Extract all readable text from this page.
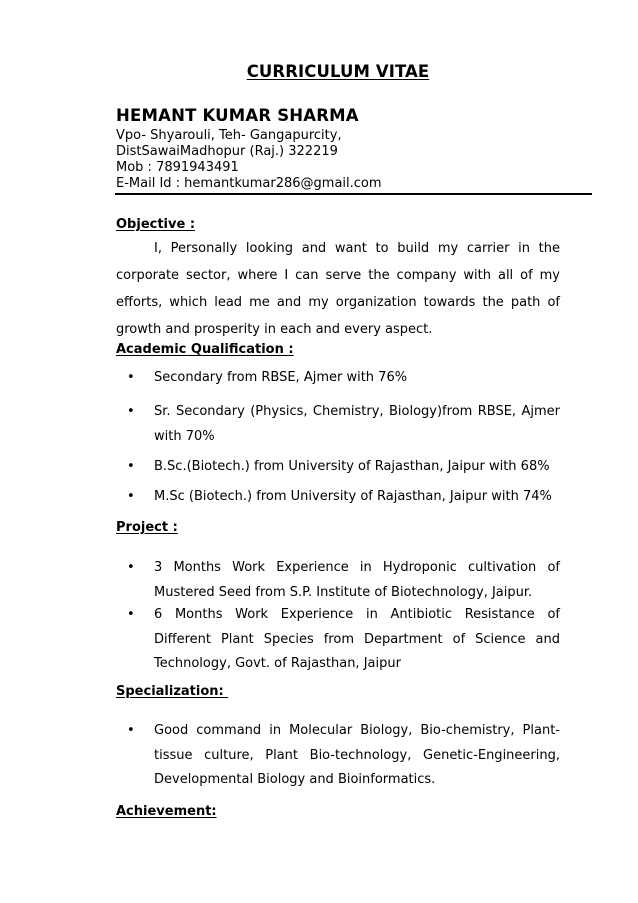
CURRICULUM VITAE
HEMANT KUMAR SHARMA
Vpo- Shyarouli, Teh- Gangapurcity,
DistSawaiMadhopur (Raj.) 322219
Mob : 7891943491
E-Mail Id : hemantkumar286@gmail.com
Objective :
I, Personally looking and want to build my carrier in the corporate sector, where I can serve the company with all of my efforts, which lead me and my organization towards the path of growth and prosperity in each and every aspect.
Academic Qualification :
• Secondary from RBSE, Ajmer with 76%
• Sr. Secondary (Physics, Chemistry, Biology)from RBSE, Ajmer with 70%
• B.Sc.(Biotech.) from University of Rajasthan, Jaipur with 68%
• M.Sc (Biotech.) from University of Rajasthan, Jaipur with 74%
Project :
• 3 Months Work Experience in Hydroponic cultivation of Mustered Seed from S.P. Institute of Biotechnology, Jaipur.
• 6 Months Work Experience in Antibiotic Resistance of Different Plant Species from Department of Science and Technology, Govt. of Rajasthan, Jaipur
Specialization:
• Good command in Molecular Biology, Bio-chemistry, Plant-tissue culture, Plant Bio-technology, Genetic-Engineering, Developmental Biology and Bioinformatics.
Achievement:
